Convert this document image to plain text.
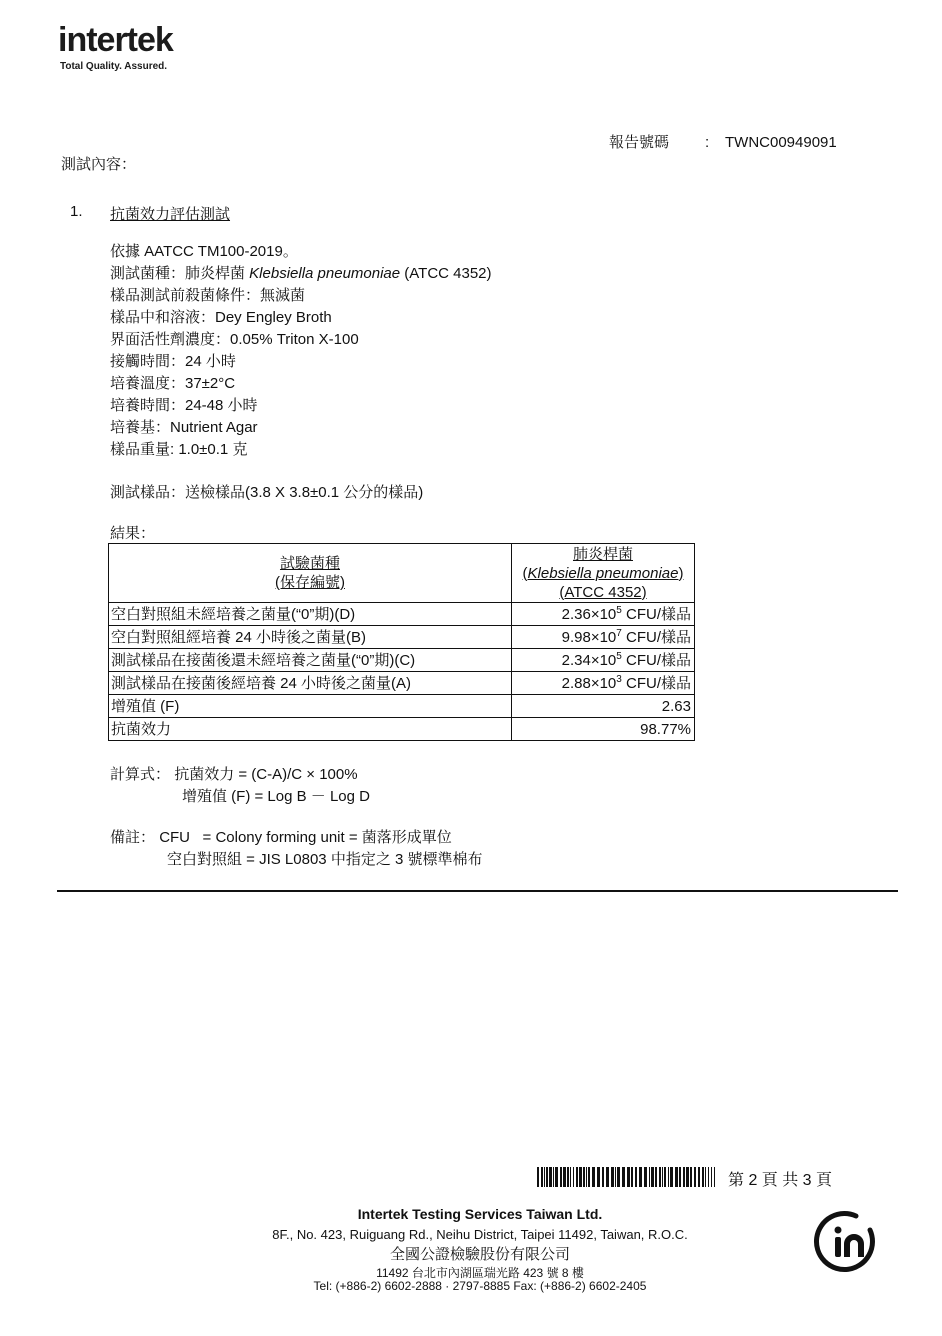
intertek
Total Quality. Assured.
報告號碼 : TWNC00949091
測試內容：
1. 抗菌效力評估測試
依據 AATCC TM100-2019。
測試菌種：肺炎桿菌 Klebsiella pneumoniae (ATCC 4352)
樣品測試前殺菌條件：無滅菌
樣品中和溶液：Dey Engley Broth
界面活性劑濃度：0.05% Triton X-100
接觸時間：24 小時
培養溫度：37±2°C
培養時間：24-48 小時
培養基：Nutrient Agar
樣品重量: 1.0±0.1 克
測試樣品：送檢樣品(3.8 X 3.8±0.1 公分的樣品)
結果：
試驗菌種
(保存編號)	肺炎桿菌
(Klebsiella pneumoniae)
(ATCC 4352)
空白對照組未經培養之菌量(“0”期)(D)	$2.36\times 10^5$ CFU/樣品
空白對照組經培養 24 小時後之菌量(B)	$9.98\times 10^7$ CFU/樣品
測試樣品在接菌後還未經培養之菌量(“0”期)(C)	$2.34\times 10^5$ CFU/樣品
測試樣品在接菌後經培養 24 小時後之菌量(A)	$2.88\times 10^3$ CFU/樣品
增殖值 (F)	2.63
抗菌效力	98.77%
計算式： 抗菌效力 = (C-A)/C × 100%
增殖值 (F) = Log B － Log D
備註： CFU   = Colony forming unit = 菌落形成單位
空白對照組 = JIS L0803 中指定之 3 號標準棉布
第 2 頁 共 3 頁
Intertek Testing Services Taiwan Ltd.
8F., No. 423, Ruiguang Rd., Neihu District, Taipei 11492, Taiwan, R.O.C.
全國公證檢驗股份有限公司
11492 台北市內湖區瑞光路 423 號 8 樓
Tel: (+886-2) 6602-2888 · 2797-8885 Fax: (+886-2) 6602-2405
